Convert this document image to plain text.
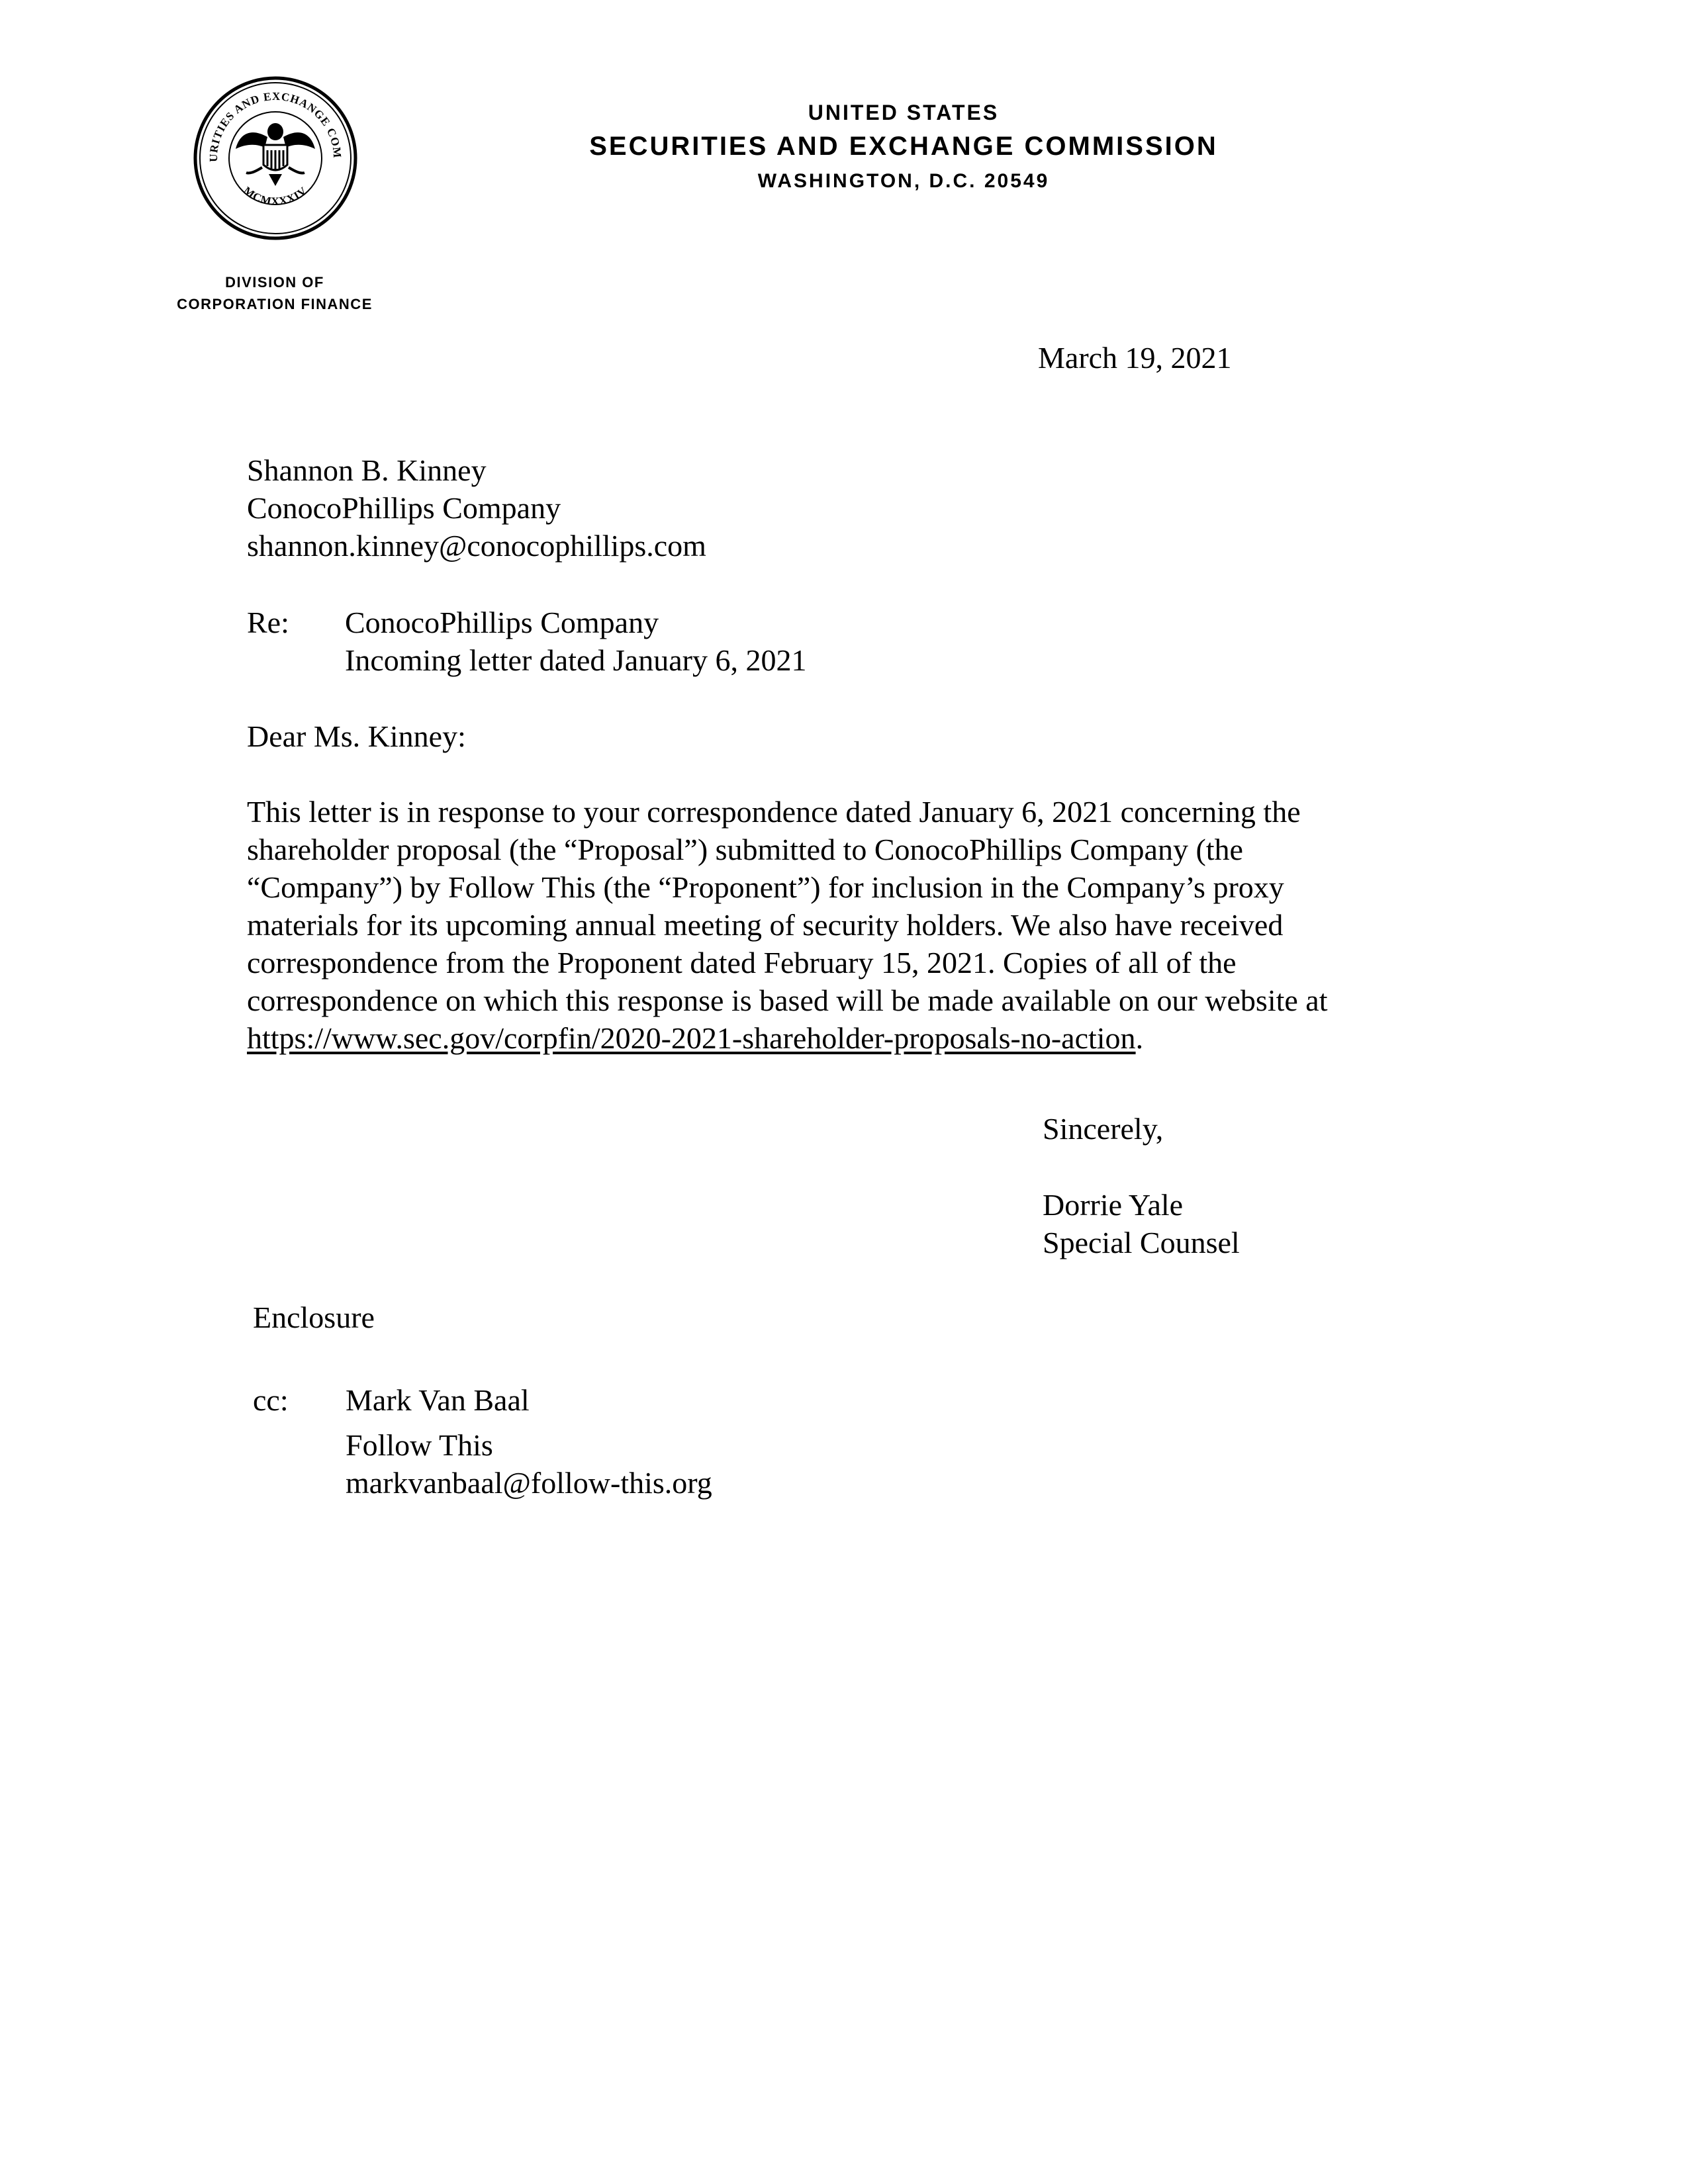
URITIES AND EXCHANGE COM
MCMXXXIV
UNITED STATES
SECURITIES AND EXCHANGE COMMISSION
WASHINGTON, D.C. 20549
DIVISION OF
CORPORATION FINANCE
March 19, 2021
Shannon B. Kinney
ConocoPhillips Company
shannon.kinney@conocophillips.com
Re: ConocoPhillips Company
Incoming letter dated January 6, 2021
Dear Ms. Kinney:
This letter is in response to your correspondence dated January 6, 2021 concerning the
shareholder proposal (the “Proposal”) submitted to ConocoPhillips Company (the
“Company”) by Follow This (the “Proponent”) for inclusion in the Company’s proxy
materials for its upcoming annual meeting of security holders. We also have received
correspondence from the Proponent dated February 15, 2021. Copies of all of the
correspondence on which this response is based will be made available on our website at
https://www.sec.gov/corpfin/2020-2021-shareholder-proposals-no-action.
Sincerely,
Dorrie Yale
Special Counsel
Enclosure
cc: Mark Van Baal
Follow This
markvanbaal@follow-this.org
